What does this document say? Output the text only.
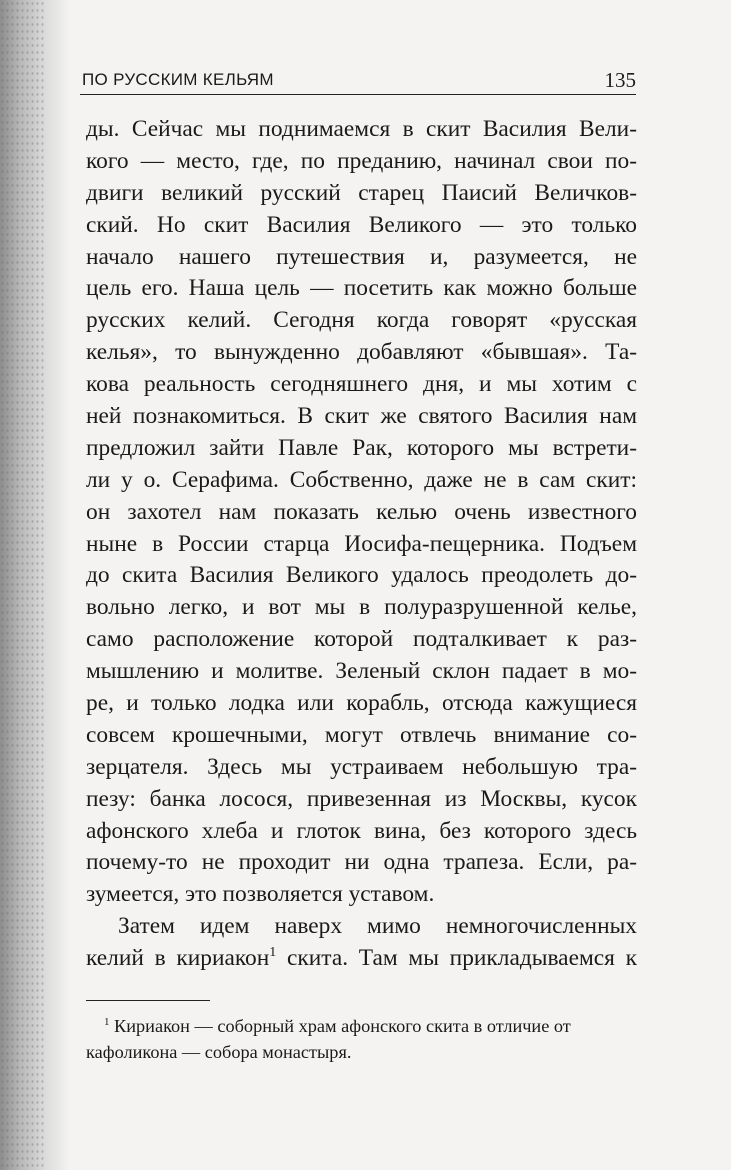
ПО РУССКИМ КЕЛЬЯМ	135
ды. Сейчас мы поднимаемся в скит Василия Вели-
кого — место, где, по преданию, начинал свои по-
двиги великий русский старец Паисий Величков-
ский. Но скит Василия Великого — это только
начало нашего путешествия и, разумеется, не
цель его. Наша цель — посетить как можно больше
русских келий. Сегодня когда говорят «русская
келья», то вынужденно добавляют «бывшая». Та-
кова реальность сегодняшнего дня, и мы хотим с
ней познакомиться. В скит же святого Василия нам
предложил зайти Павле Рак, которого мы встрети-
ли у о. Серафима. Собственно, даже не в сам скит:
он захотел нам показать келью очень известного
ныне в России старца Иосифа-пещерника. Подъем
до скита Василия Великого удалось преодолеть до-
вольно легко, и вот мы в полуразрушенной келье,
само расположение которой подталкивает к раз-
мышлению и молитве. Зеленый склон падает в мо-
ре, и только лодка или корабль, отсюда кажущиеся
совсем крошечными, могут отвлечь внимание со-
зерцателя. Здесь мы устраиваем небольшую тра-
пезу: банка лосося, привезенная из Москвы, кусок
афонского хлеба и глоток вина, без которого здесь
почему-то не проходит ни одна трапеза. Если, ра-
зумеется, это позволяется уставом.
Затем идем наверх мимо немногочисленных
келий в кириакон$^1$ скита. Там мы прикладываемся к
$^1$ Кириакон — соборный храм афонского скита в отличие от
кафоликона — собора монастыря.
